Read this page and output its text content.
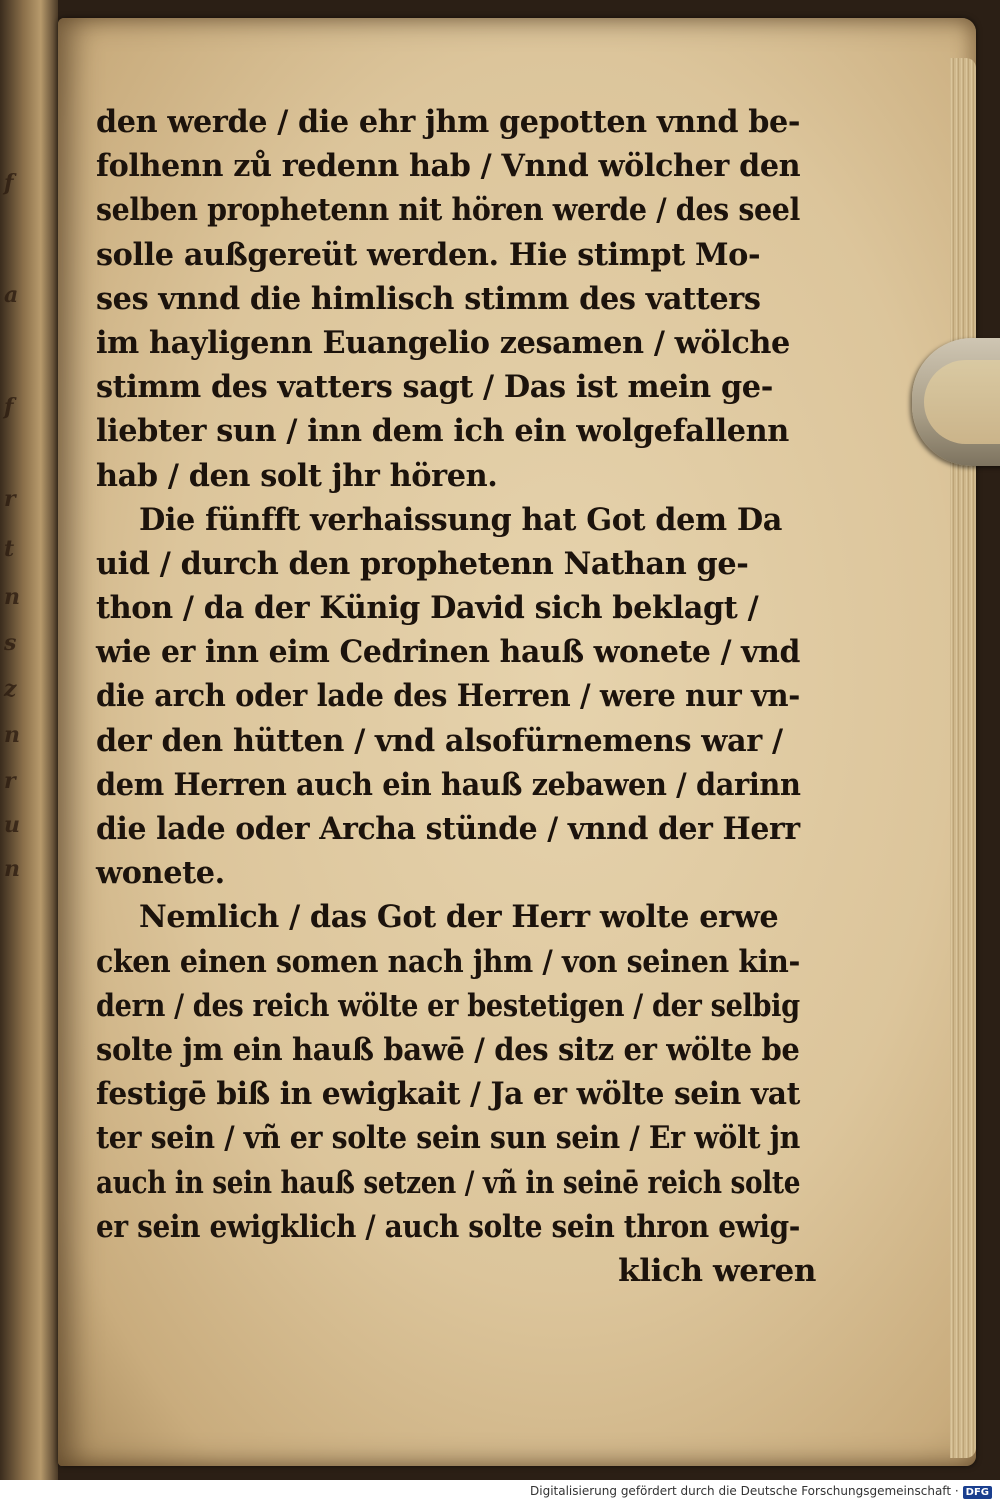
f
a
f
r
t
n
s
z
n
r
u
n
den werde / die ehr jhm gepotten vnnd be-
folhenn zů redenn hab / Vnnd wölcher den
selben prophetenn nit hören werde / des seel
solle außgereüt werden. Hie stimpt Mo-
ses vnnd die himlisch stimm des vatters
im hayligenn Euangelio zesamen / wölche
stimm des vatters sagt / Das ist mein ge-
liebter sun / inn dem ich ein wolgefallenn
hab / den solt jhr hören.
Die fünfft verhaissung hat Got dem Da
uid / durch den prophetenn Nathan ge-
thon / da der Künig David sich beklagt /
wie er inn eim Cedrinen hauß wonete / vnd
die arch oder lade des Herren / were nur vn-
der den hütten / vnd alsofürnemens war /
dem Herren auch ein hauß zebawen / darinn
die lade oder Archa stünde / vnnd der Herr
wonete.
Nemlich / das Got der Herr wolte erwe
cken einen somen nach jhm / von seinen kin-
dern / des reich wölte er bestetigen / der selbig
solte jm ein hauß bawē / des sitz er wölte be
festigē biß in ewigkait / Ja er wölte sein vat
ter sein / vñ er solte sein sun sein / Er wölt jn
auch in sein hauß setzen / vñ in seinē reich solte
er sein ewigklich / auch solte sein thron ewig-
klich weren
Digitalisierung gefördert durch die Deutsche Forschungsgemeinschaft · DFG
